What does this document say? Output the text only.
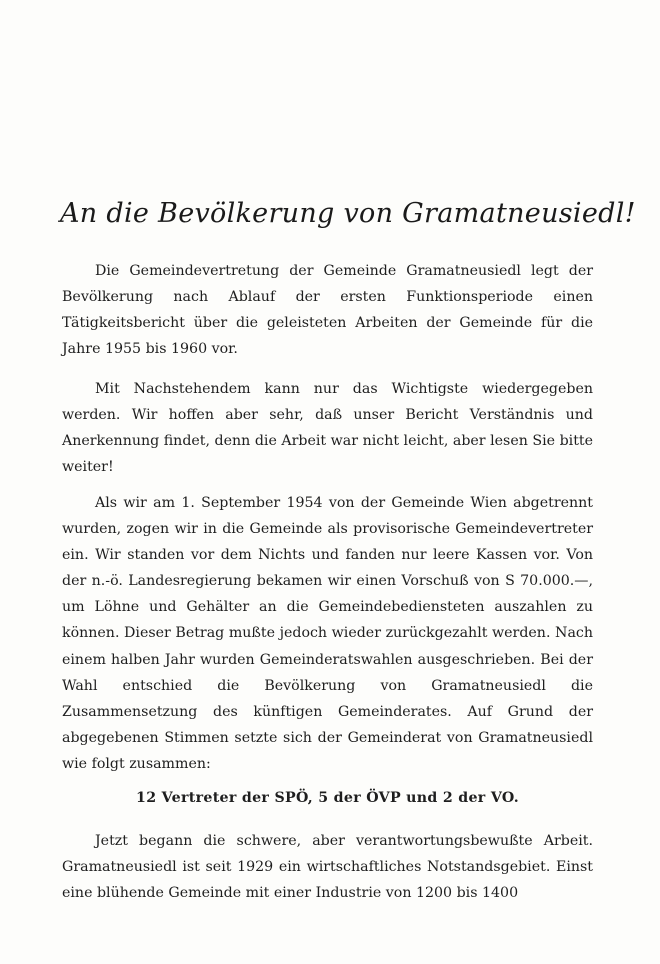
An die Bevölkerung von Gramatneusiedl!

Die Gemeindevertretung der Gemeinde Gramatneusiedl legt der Bevölkerung nach Ablauf der ersten Funktionsperiode einen Tätigkeitsbericht über die geleisteten Arbeiten der Gemeinde für die Jahre 1955 bis 1960 vor.

Mit Nachstehendem kann nur das Wichtigste wiedergegeben werden. Wir hoffen aber sehr, daß unser Bericht Verständnis und Anerkennung findet, denn die Arbeit war nicht leicht, aber lesen Sie bitte weiter!

Als wir am 1. September 1954 von der Gemeinde Wien abgetrennt wurden, zogen wir in die Gemeinde als provisorische Gemeindevertreter ein. Wir standen vor dem Nichts und fanden nur leere Kassen vor. Von der n.-ö. Landesregierung bekamen wir einen Vorschuß von S 70.000.—, um Löhne und Gehälter an die Gemeindebediensteten auszahlen zu können. Dieser Betrag mußte jedoch wieder zurückgezahlt werden. Nach einem halben Jahr wurden Gemeinderatswahlen ausgeschrieben. Bei der Wahl entschied die Bevölkerung von Gramatneusiedl die Zusammensetzung des künftigen Gemeinderates. Auf Grund der abgegebenen Stimmen setzte sich der Gemeinderat von Gramatneusiedl wie folgt zusammen:

12 Vertreter der SPÖ, 5 der ÖVP und 2 der VO.

Jetzt begann die schwere, aber verantwortungsbewußte Arbeit. Gramatneusiedl ist seit 1929 ein wirtschaftliches Notstandsgebiet. Einst eine blühende Gemeinde mit einer Industrie von 1200 bis 1400
